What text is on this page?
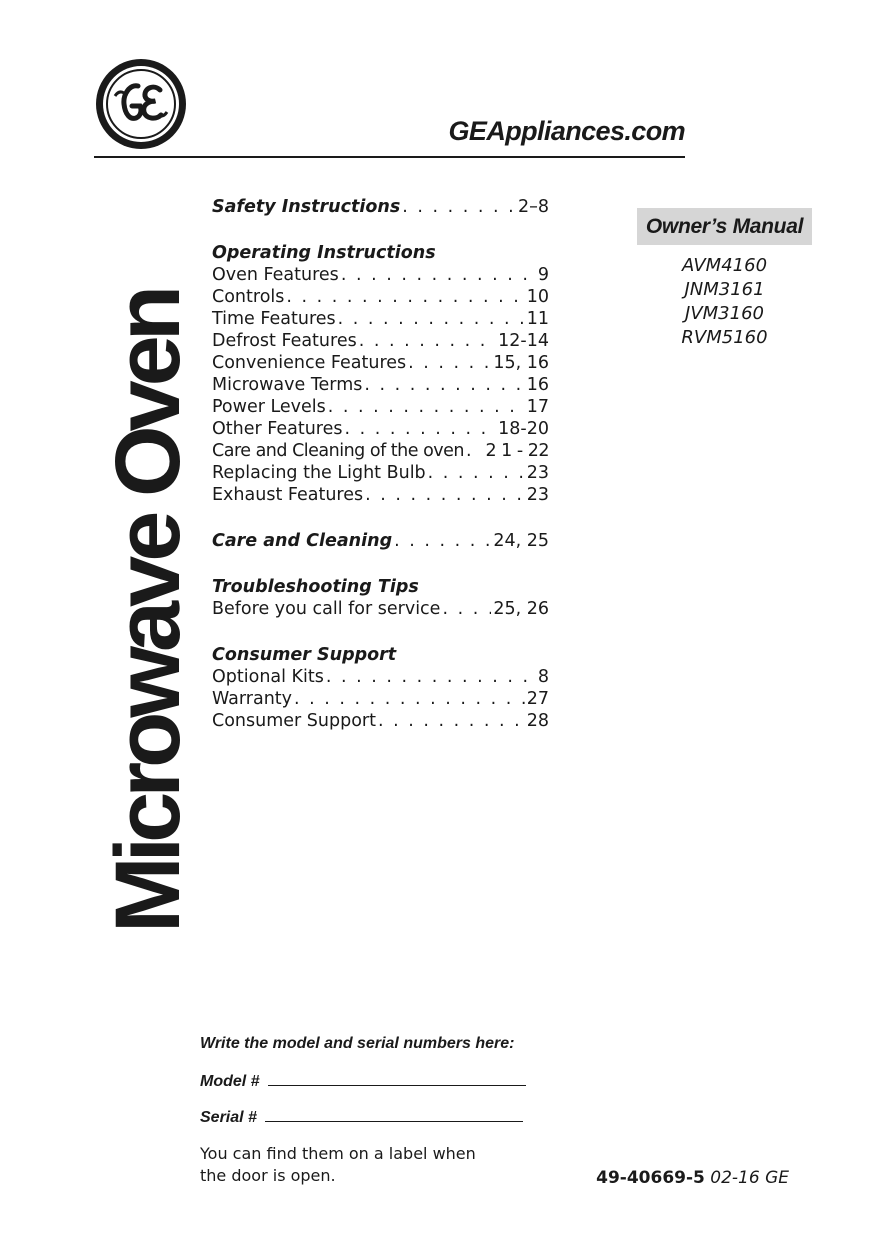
GEAppliances.com
Microwave Oven
Safety Instructions . . .	2–8
Operating Instructions
Oven Features . . .	9
Controls . . .	10
Time Features . . .	11
Defrost Features . . .	12-14
Convenience Features . . .	15, 16
Microwave Terms . . .	16
Power Levels . . .	17
Other Features . . .	18-20
Care and Cleaning of the oven . . . 2 1 - 22
Replacing the Light Bulb . . .	23
Exhaust Features . . .	23
Care and Cleaning . . .	24, 25
Troubleshooting Tips
Before you call for service . . .	25, 26
Consumer Support
Optional Kits . . .	8
Warranty . . .	27
Consumer Support . . .	28
Owner’s Manual
AVM4160
JNM3161
JVM3160
RVM5160
Write the model and serial numbers here:
Model #
Serial #
You can find them on a label when the door is open.	49-40669-5 02-16 GE
